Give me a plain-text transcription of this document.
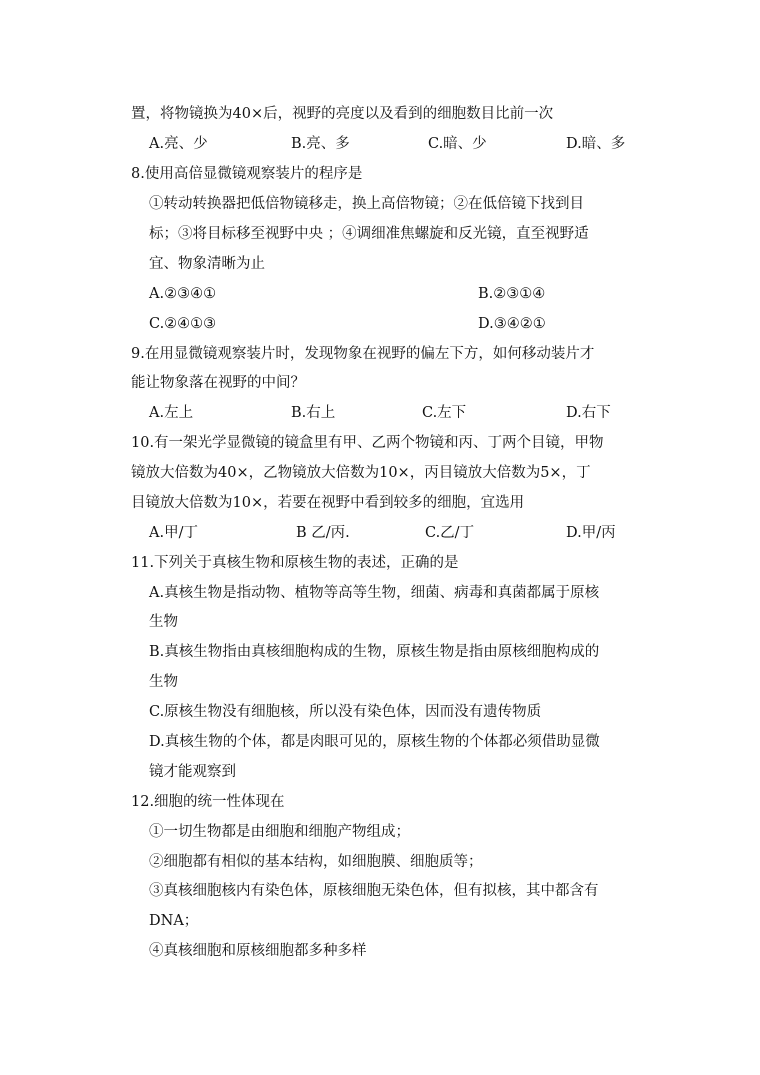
置，将物镜换为40×后，视野的亮度以及看到的细胞数目比前一次
A.亮、少	B.亮、多	C.暗、少	D.暗、多
8.使用高倍显微镜观察装片的程序是
①转动转换器把低倍物镜移走，换上高倍物镜；②在低倍镜下找到目
标；③将目标移至视野中央 ；④调细准焦螺旋和反光镜，直至视野适
宜、物象清晰为止
A.②③④①	B.②③①④
C.②④①③	D.③④②①
9.在用显微镜观察装片时，发现物象在视野的偏左下方，如何移动装片才
能让物象落在视野的中间？
A.左上	B.右上	C.左下	D.右下
10.有一架光学显微镜的镜盒里有甲、乙两个物镜和丙、丁两个目镜，甲物
镜放大倍数为40×，乙物镜放大倍数为10×，丙目镜放大倍数为5×，丁
目镜放大倍数为10×，若要在视野中看到较多的细胞，宜选用
A.甲/丁	B 乙/丙.	C.乙/丁	D.甲/丙
11.下列关于真核生物和原核生物的表述，正确的是
A.真核生物是指动物、植物等高等生物，细菌、病毒和真菌都属于原核
生物
B.真核生物指由真核细胞构成的生物，原核生物是指由原核细胞构成的
生物
C.原核生物没有细胞核，所以没有染色体，因而没有遗传物质
D.真核生物的个体，都是肉眼可见的，原核生物的个体都必须借助显微
镜才能观察到
12.细胞的统一性体现在
①一切生物都是由细胞和细胞产物组成；
②细胞都有相似的基本结构，如细胞膜、细胞质等；
③真核细胞核内有染色体，原核细胞无染色体，但有拟核，其中都含有
DNA；
④真核细胞和原核细胞都多种多样
